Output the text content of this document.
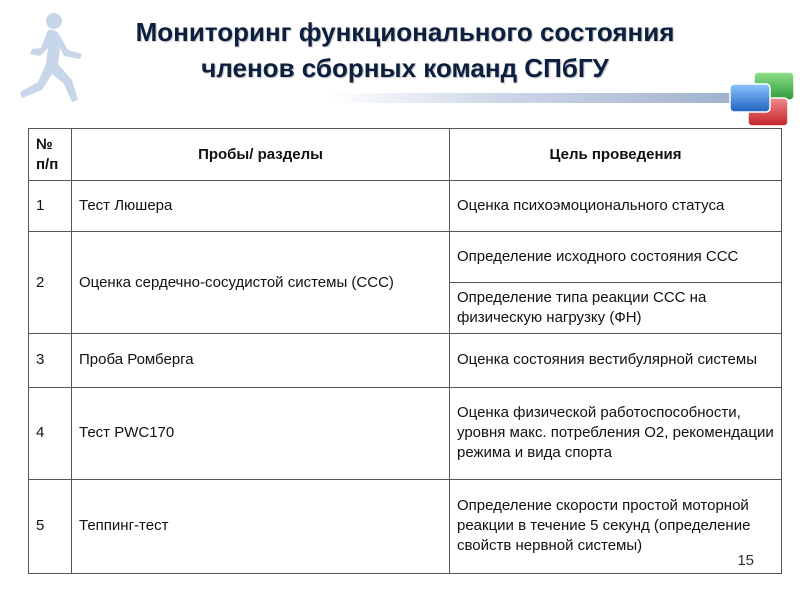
Мониторинг функционального состояния
членов сборных команд СПбГУ
№ п/п	Пробы/ разделы	Цель проведения
1	Тест Люшера	Оценка психоэмоционального статуса
2	Оценка сердечно-сосудистой системы (ССС)	Определение исходного состояния ССС
		Определение типа реакции ССС на физическую нагрузку (ФН)
3	Проба Ромберга	Оценка состояния вестибулярной системы
4	Тест PWC170	Оценка физической работоспособности, уровня макс. потребления О2, рекомендации режима и вида спорта
5	Теппинг-тест	Определение скорости простой моторной реакции в течение 5 секунд (определение свойств нервной системы)
15
